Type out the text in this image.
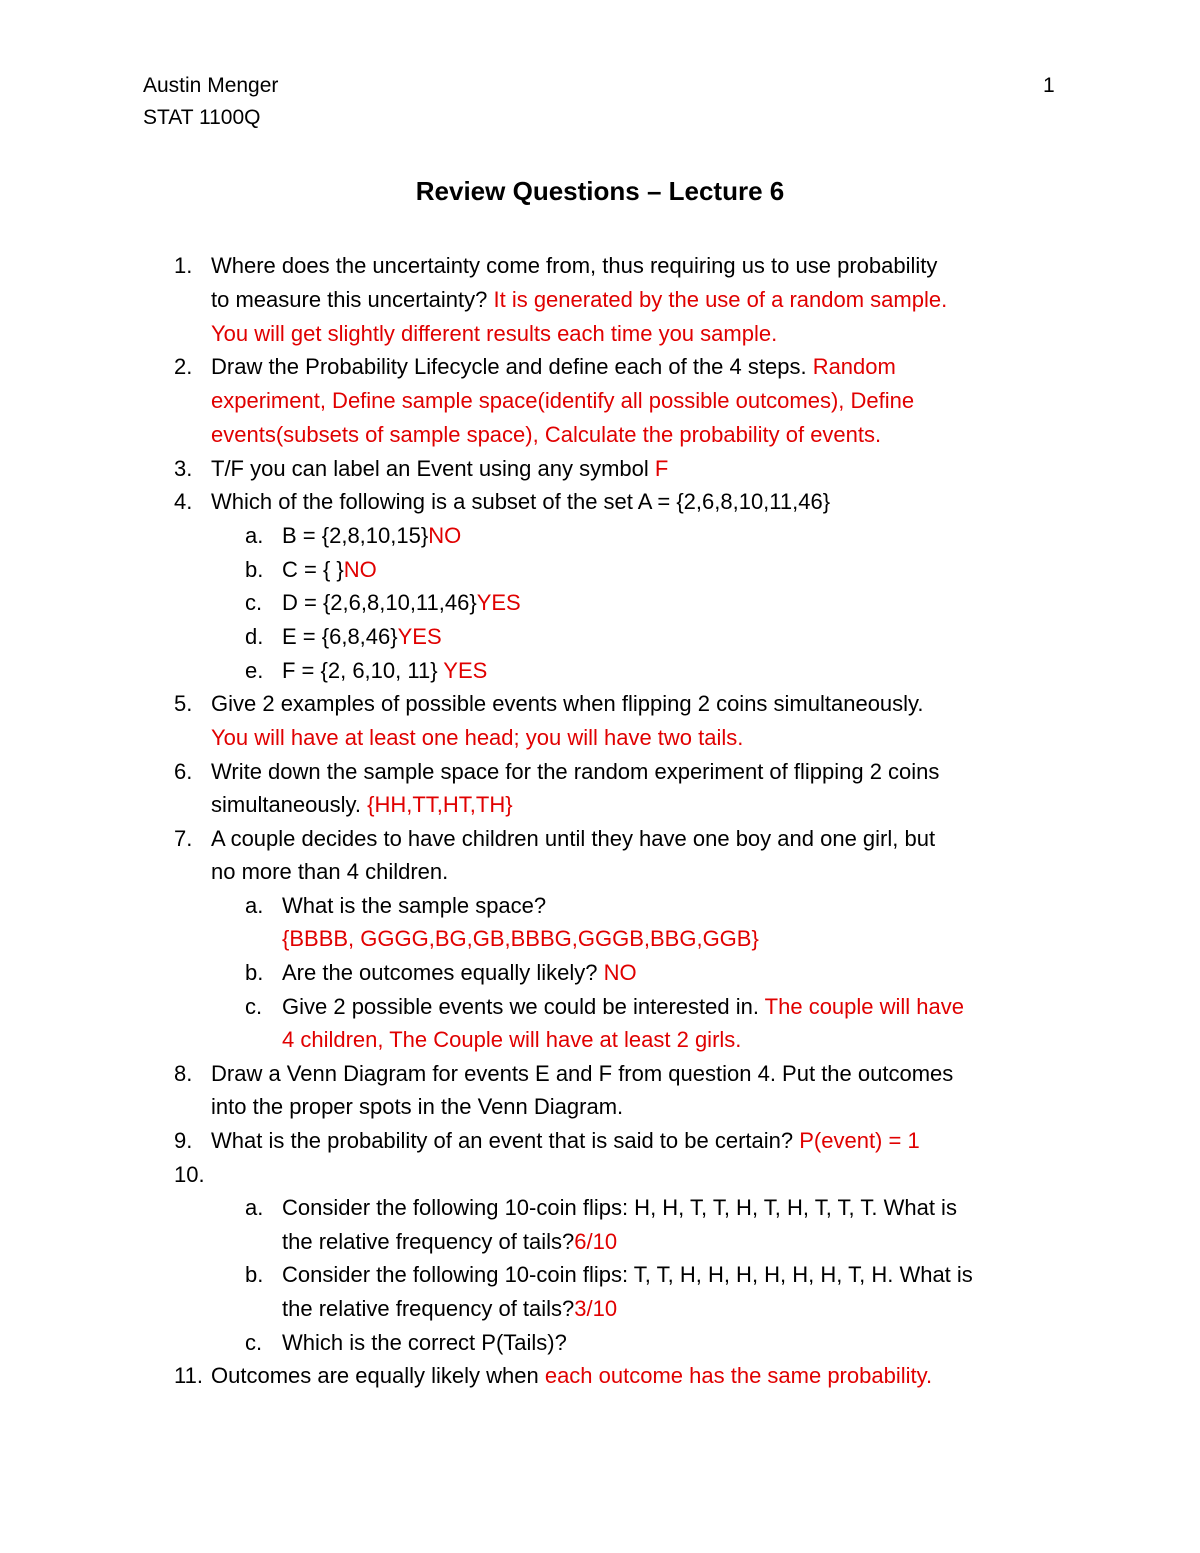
Austin Menger
STAT 1100Q
1
Review Questions – Lecture 6
1. Where does the uncertainty come from, thus requiring us to use probability
to measure this uncertainty? It is generated by the use of a random sample.
You will get slightly different results each time you sample.
2. Draw the Probability Lifecycle and define each of the 4 steps. Random
experiment, Define sample space(identify all possible outcomes), Define
events(subsets of sample space), Calculate the probability of events.
3. T/F you can label an Event using any symbol F
4. Which of the following is a subset of the set A = {2,6,8,10,11,46}
a. B = {2,8,10,15}NO
b. C = { }NO
c. D = {2,6,8,10,11,46}YES
d. E = {6,8,46}YES
e. F = {2, 6,10, 11} YES
5. Give 2 examples of possible events when flipping 2 coins simultaneously.
You will have at least one head; you will have two tails.
6. Write down the sample space for the random experiment of flipping 2 coins
simultaneously. {HH,TT,HT,TH}
7. A couple decides to have children until they have one boy and one girl, but
no more than 4 children.
a. What is the sample space?
{BBBB, GGGG,BG,GB,BBBG,GGGB,BBG,GGB}
b. Are the outcomes equally likely? NO
c. Give 2 possible events we could be interested in. The couple will have
4 children, The Couple will have at least 2 girls.
8. Draw a Venn Diagram for events E and F from question 4. Put the outcomes
into the proper spots in the Venn Diagram.
9. What is the probability of an event that is said to be certain? P(event) = 1
10.
a. Consider the following 10-coin flips: H, H, T, T, H, T, H, T, T, T. What is
the relative frequency of tails?6/10
b. Consider the following 10-coin flips: T, T, H, H, H, H, H, H, T, H. What is
the relative frequency of tails?3/10
c. Which is the correct P(Tails)?
11. Outcomes are equally likely when each outcome has the same probability.
